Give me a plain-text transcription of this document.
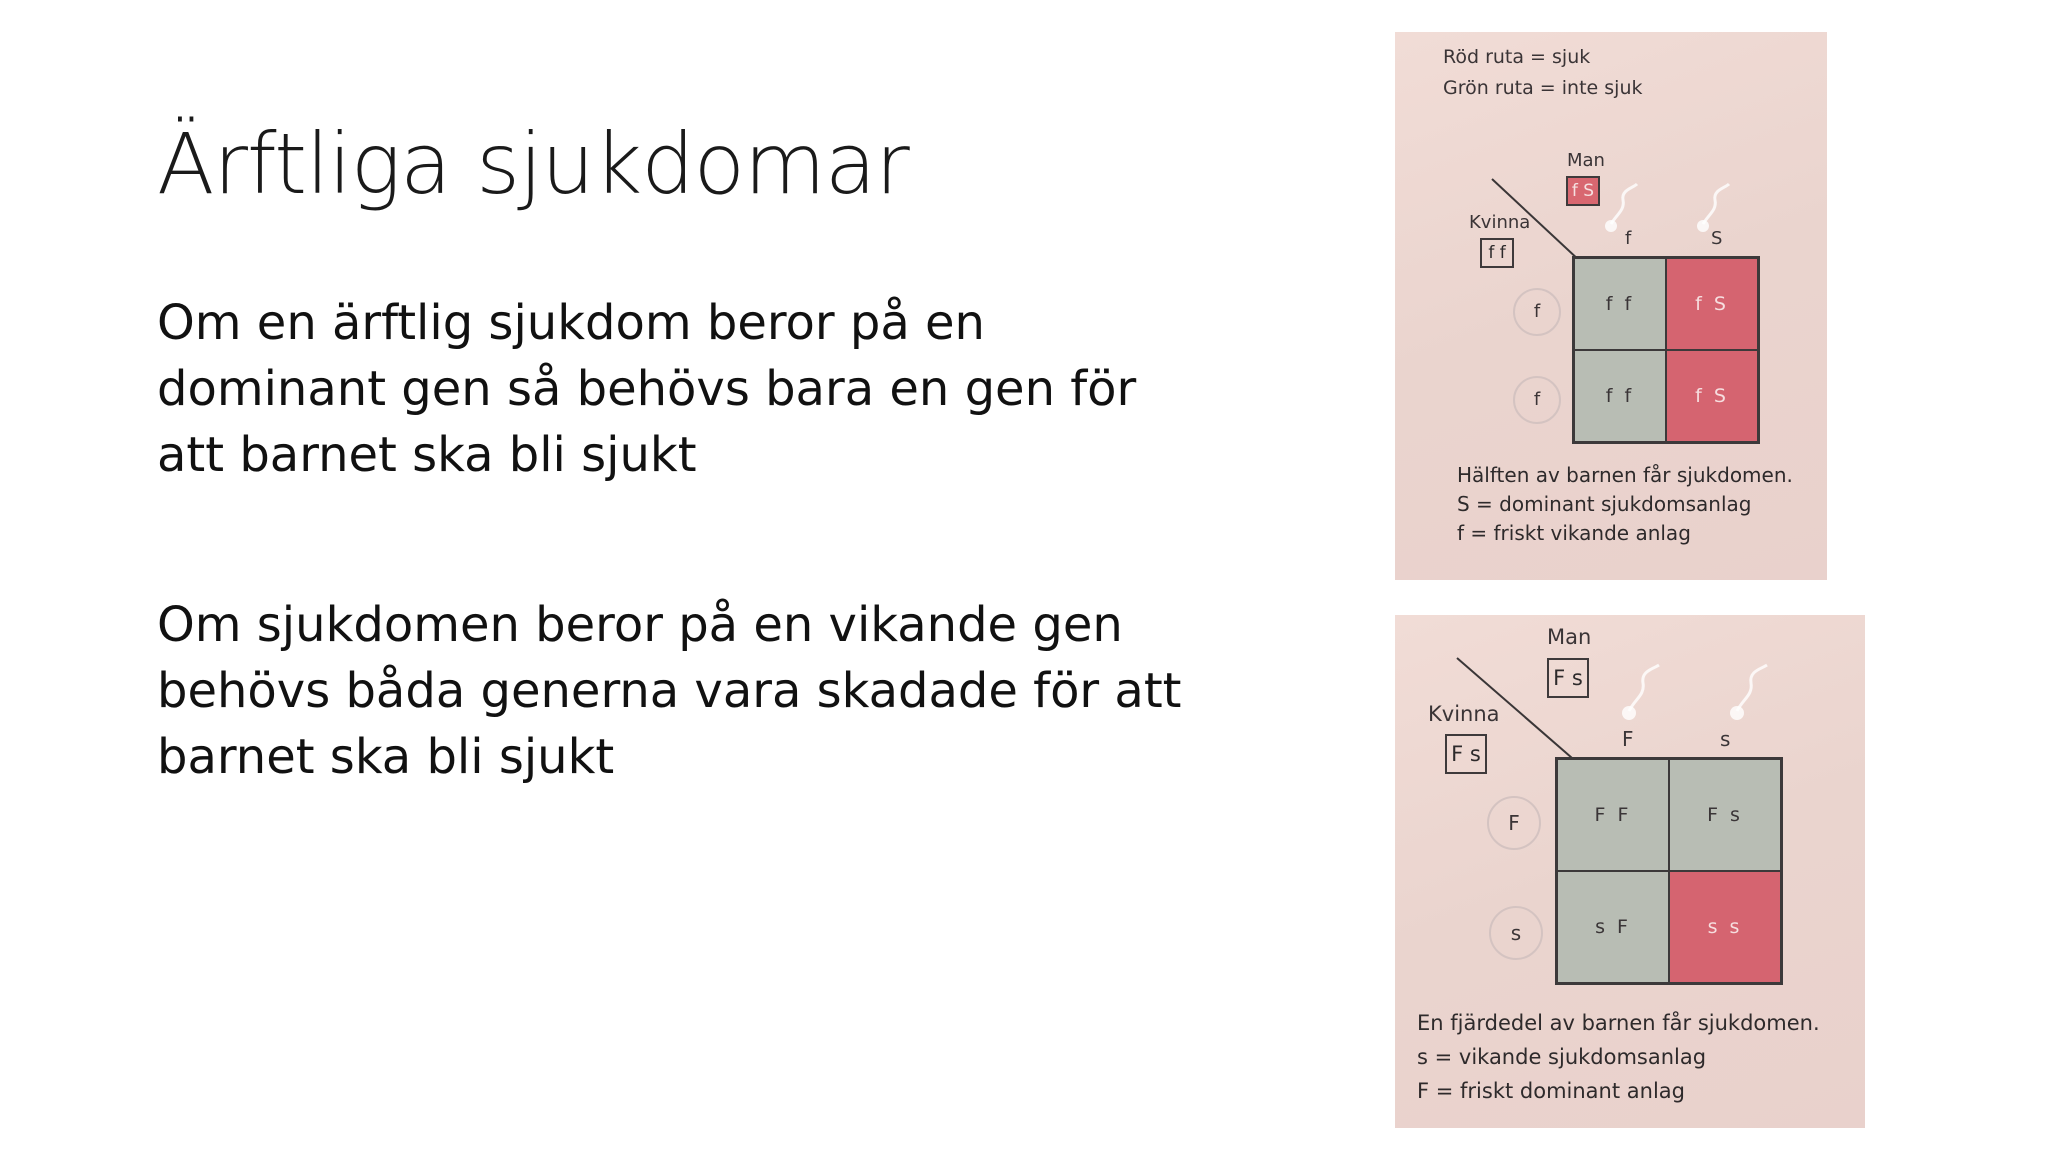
Ärftliga sjukdomar

Om en ärftlig sjukdom beror på en dominant gen så behövs bara en gen för att barnet ska bli sjukt

Om sjukdomen beror på en vikande gen behövs båda generna vara skadade för att barnet ska bli sjukt

Röd ruta = sjuk
Grön ruta = inte sjuk
Man
f S
Kvinna
f f
f	S
f
f
f f	f S
f f	f S
Hälften av barnen får sjukdomen.
S = dominant sjukdomsanlag
f = friskt vikande anlag
Man
F s
Kvinna
F s
F	s
F
s
F F	F s
s F	s s
En fjärdedel av barnen får sjukdomen.
s = vikande sjukdomsanlag
F = friskt dominant anlag
